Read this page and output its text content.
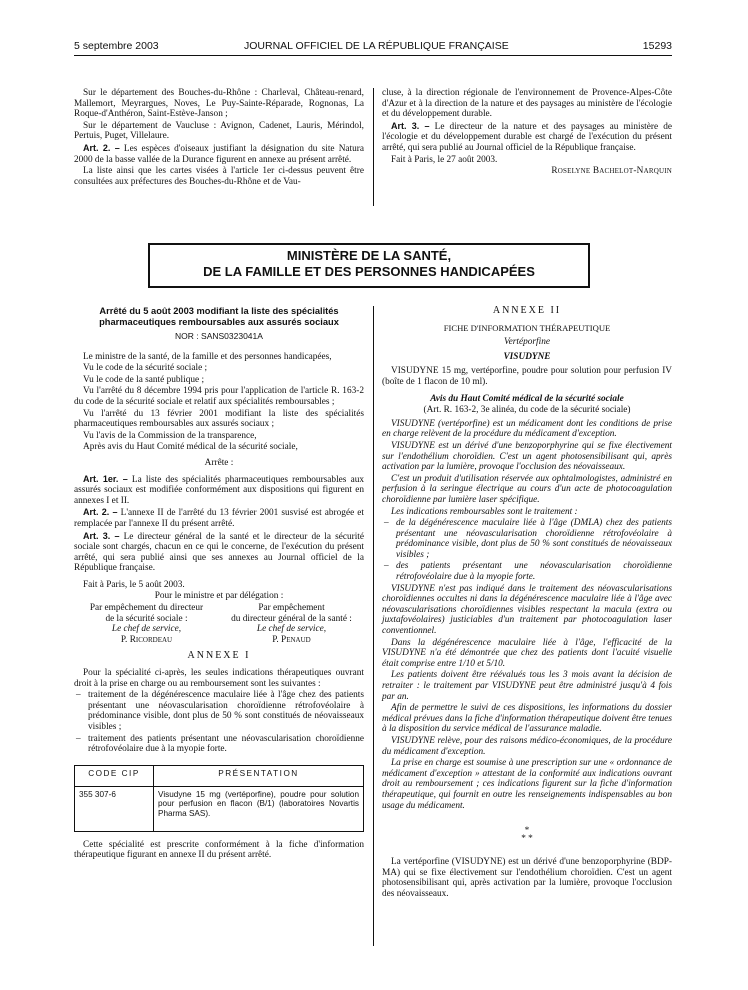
5 septembre 2003	JOURNAL OFFICIEL DE LA RÉPUBLIQUE FRANÇAISE	15293

Sur le département des Bouches-du-Rhône : Charleval, Château-renard, Mallemort, Meyrargues, Noves, Le Puy-Sainte-Réparade, Rognonas, La Roque-d'Anthéron, Saint-Estève-Janson ;

Sur le département de Vaucluse : Avignon, Cadenet, Lauris, Mérindol, Pertuis, Puget, Villelaure.

Art. 2. – Les espèces d'oiseaux justifiant la désignation du site Natura 2000 de la basse vallée de la Durance figurent en annexe au présent arrêté.

La liste ainsi que les cartes visées à l'article 1er ci-dessus peuvent être consultées aux préfectures des Bouches-du-Rhône et de Vau-

cluse, à la direction régionale de l'environnement de Provence-Alpes-Côte d'Azur et à la direction de la nature et des paysages au ministère de l'écologie et du développement durable.

Art. 3. – Le directeur de la nature et des paysages au ministère de l'écologie et du développement durable est chargé de l'exécution du présent arrêté, qui sera publié au Journal officiel de la République française.

Fait à Paris, le 27 août 2003.

Roselyne Bachelot-Narquin

MINISTÈRE DE LA SANTÉ,
DE LA FAMILLE ET DES PERSONNES HANDICAPÉES
Arrêté du 5 août 2003 modifiant la liste des spécialités pharmaceutiques remboursables aux assurés sociaux
NOR : SANS0323041A

Le ministre de la santé, de la famille et des personnes handicapées,

Vu le code de la sécurité sociale ;

Vu le code de la santé publique ;

Vu l'arrêté du 8 décembre 1994 pris pour l'application de l'article R. 163-2 du code de la sécurité sociale et relatif aux spécialités remboursables ;

Vu l'arrêté du 13 février 2001 modifiant la liste des spécialités pharmaceutiques remboursables aux assurés sociaux ;

Vu l'avis de la Commission de la transparence,

Après avis du Haut Comité médical de la sécurité sociale,

Arrête :

Art. 1er. – La liste des spécialités pharmaceutiques remboursables aux assurés sociaux est modifiée conformément aux dispositions qui figurent en annexes I et II.

Art. 2. – L'annexe II de l'arrêté du 13 février 2001 susvisé est abrogée et remplacée par l'annexe II du présent arrêté.

Art. 3. – Le directeur général de la santé et le directeur de la sécurité sociale sont chargés, chacun en ce qui le concerne, de l'exécution du présent arrêté, qui sera publié ainsi que ses annexes au Journal officiel de la République française.

Fait à Paris, le 5 août 2003.

Pour le ministre et par délégation :

Par empêchement du directeur
de la sécurité sociale :
Le chef de service,
P. Ricordeau
Par empêchement
du directeur général de la santé :
Le chef de service,
P. Penaud
ANNEXE I

Pour la spécialité ci-après, les seules indications thérapeutiques ouvrant droit à la prise en charge ou au remboursement sont les suivantes :

– traitement de la dégénérescence maculaire liée à l'âge chez des patients présentant une néovascularisation choroïdienne rétrofovéolaire à prédominance visible, dont plus de 50 % sont constitués de néovaisseaux visibles ;
– traitement des patients présentant une néovascularisation choroïdienne rétrofovéolaire due à la myopie forte.
CODE CIP	PRÉSENTATION
355 307-6	Visudyne 15 mg (vertéporfine), poudre pour solution pour perfusion en flacon (B/1) (laboratoires Novartis Pharma SAS).

Cette spécialité est prescrite conformément à la fiche d'information thérapeutique figurant en annexe II du présent arrêté.

ANNEXE II

FICHE D'INFORMATION THÉRAPEUTIQUE

Vertéporfine

VISUDYNE

VISUDYNE 15 mg, vertéporfine, poudre pour solution pour perfusion IV (boîte de 1 flacon de 10 ml).

Avis du Haut Comité médical de la sécurité sociale

(Art. R. 163-2, 3e alinéa, du code de la sécurité sociale)

VISUDYNE (vertéporfine) est un médicament dont les conditions de prise en charge relèvent de la procédure du médicament d'exception.

VISUDYNE est un dérivé d'une benzoporphyrine qui se fixe électivement sur l'endothélium choroïdien. C'est un agent photosensibilisant qui, après activation par la lumière, provoque l'occlusion des néovaisseaux.

C'est un produit d'utilisation réservée aux ophtalmologistes, administré en perfusion à la seringue électrique au cours d'un acte de photocoagulation choroïdienne par lumière laser spécifique.

Les indications remboursables sont le traitement :

– de la dégénérescence maculaire liée à l'âge (DMLA) chez des patients présentant une néovascularisation choroïdienne rétrofovéolaire à prédominance visible, dont plus de 50 % sont constitués de néovaisseaux visibles ;
– des patients présentant une néovascularisation choroïdienne rétrofovéolaire due à la myopie forte.

VISUDYNE n'est pas indiqué dans le traitement des néovascularisations choroïdiennes occultes ni dans la dégénérescence maculaire liée à l'âge avec néovascularisations choroïdiennes visibles respectant la macula (extra ou juxtafovéolaires) justiciables d'un traitement par photocoagulation laser conventionnel.

Dans la dégénérescence maculaire liée à l'âge, l'efficacité de la VISUDYNE n'a été démontrée que chez des patients dont l'acuité visuelle était comprise entre 1/10 et 5/10.

Les patients doivent être réévalués tous les 3 mois avant la décision de retraiter : le traitement par VISUDYNE peut être administré jusqu'à 4 fois par an.

Afin de permettre le suivi de ces dispositions, les informations du dossier médical prévues dans la fiche d'information thérapeutique doivent être tenues à la disposition du service médical de l'assurance maladie.

VISUDYNE relève, pour des raisons médico-économiques, de la procédure du médicament d'exception.

La prise en charge est soumise à une prescription sur une « ordonnance de médicament d'exception » attestant de la conformité aux indications ouvrant droit au remboursement ; ces indications figurent sur la fiche d'information thérapeutique, qui fournit en outre les renseignements indispensables au bon usage du médicament.

*
* *

La vertéporfine (VISUDYNE) est un dérivé d'une benzoporphyrine (BDP-MA) qui se fixe électivement sur l'endothélium choroïdien. C'est un agent photosensibilisant qui, après activation par la lumière, provoque l'occlusion des néovaisseaux.
